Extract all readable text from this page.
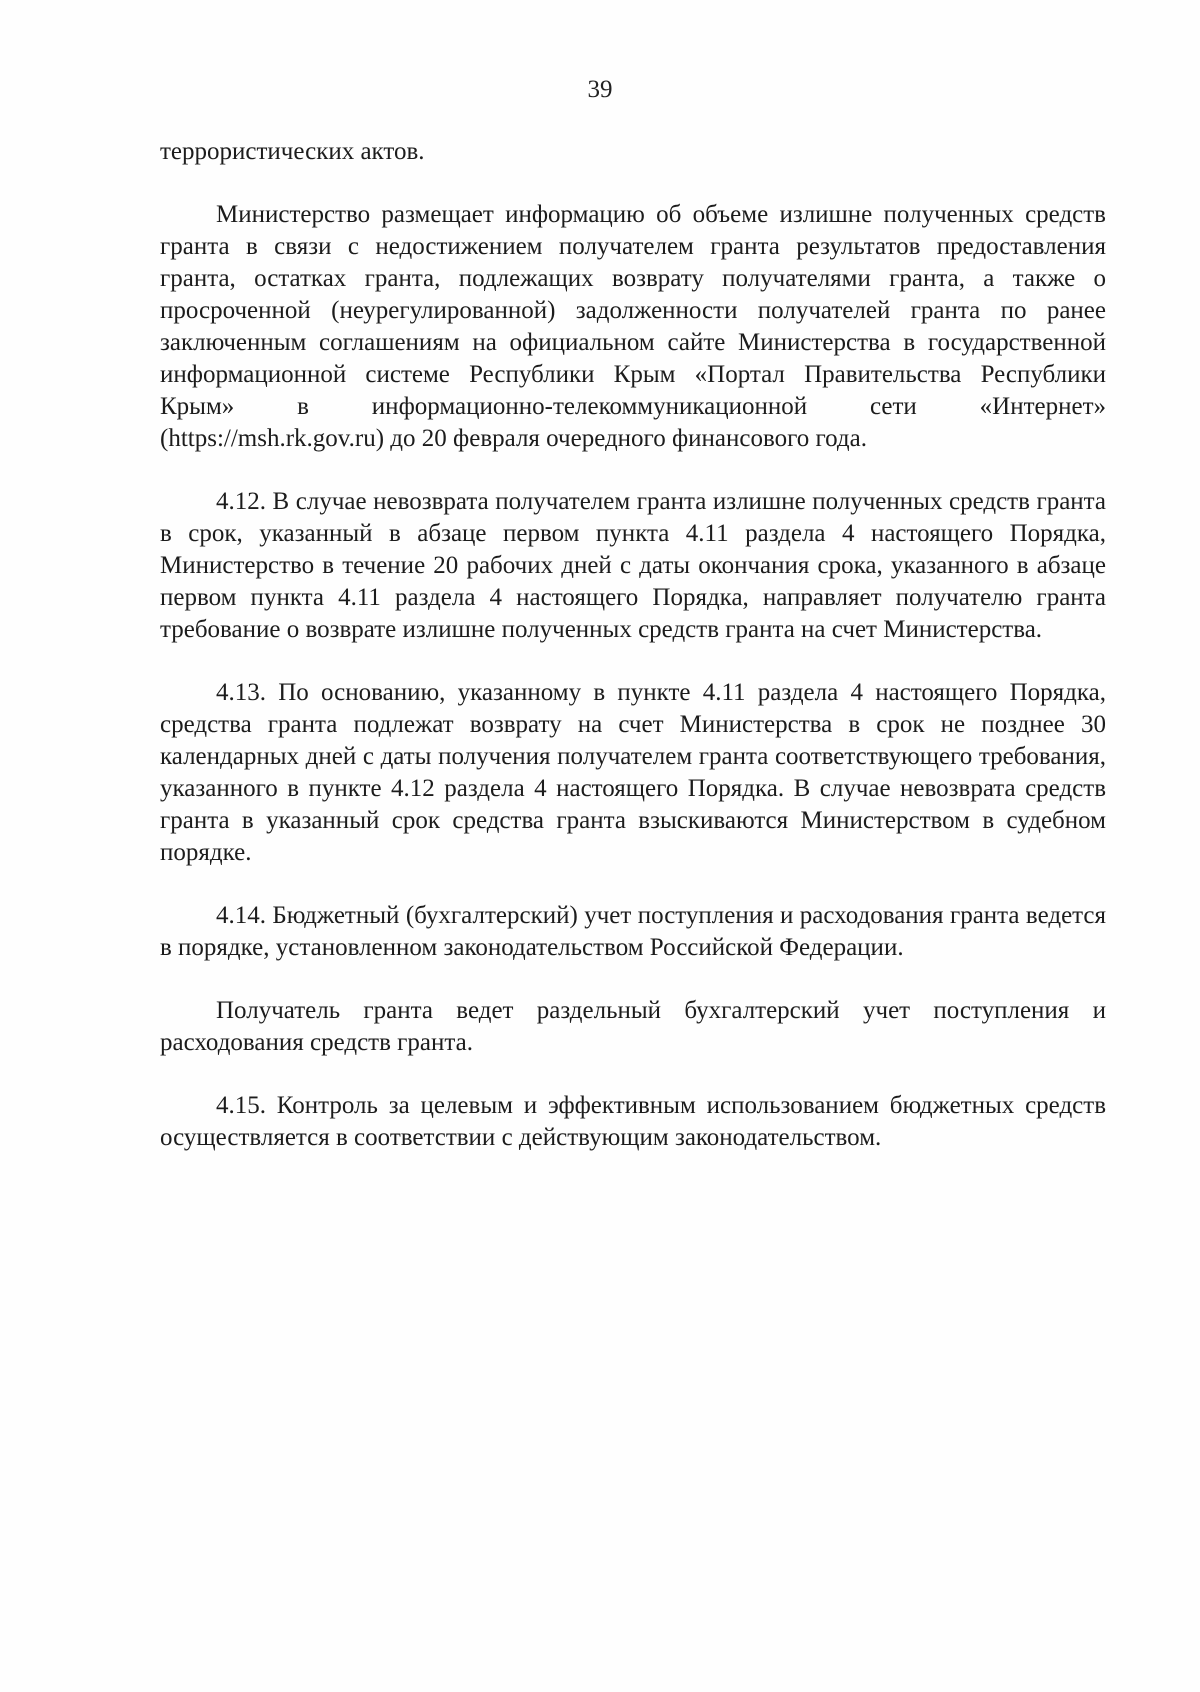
39

террористических актов.

Министерство размещает информацию об объеме излишне полученных средств гранта в связи с недостижением получателем гранта результатов предоставления гранта, остатках гранта, подлежащих возврату получателями гранта, а также о просроченной (неурегулированной) задолженности получателей гранта по ранее заключенным соглашениям на официальном сайте Министерства в государственной информационной системе Республики Крым «Портал Правительства Республики Крым» в информационно-телекоммуникационной сети «Интернет» (https://msh.rk.gov.ru) до 20 февраля очередного финансового года.

4.12. В случае невозврата получателем гранта излишне полученных средств гранта в срок, указанный в абзаце первом пункта 4.11 раздела 4 настоящего Порядка, Министерство в течение 20 рабочих дней с даты окончания срока, указанного в абзаце первом пункта 4.11 раздела 4 настоящего Порядка, направляет получателю гранта требование о возврате излишне полученных средств гранта на счет Министерства.

4.13. По основанию, указанному в пункте 4.11 раздела 4 настоящего Порядка, средства гранта подлежат возврату на счет Министерства в срок не позднее 30 календарных дней с даты получения получателем гранта соответствующего требования, указанного в пункте 4.12 раздела 4 настоящего Порядка. В случае невозврата средств гранта в указанный срок средства гранта взыскиваются Министерством в судебном порядке.

4.14. Бюджетный (бухгалтерский) учет поступления и расходования гранта ведется в порядке, установленном законодательством Российской Федерации.

Получатель гранта ведет раздельный бухгалтерский учет поступления и расходования средств гранта.

4.15. Контроль за целевым и эффективным использованием бюджетных средств осуществляется в соответствии с действующим законодательством.
